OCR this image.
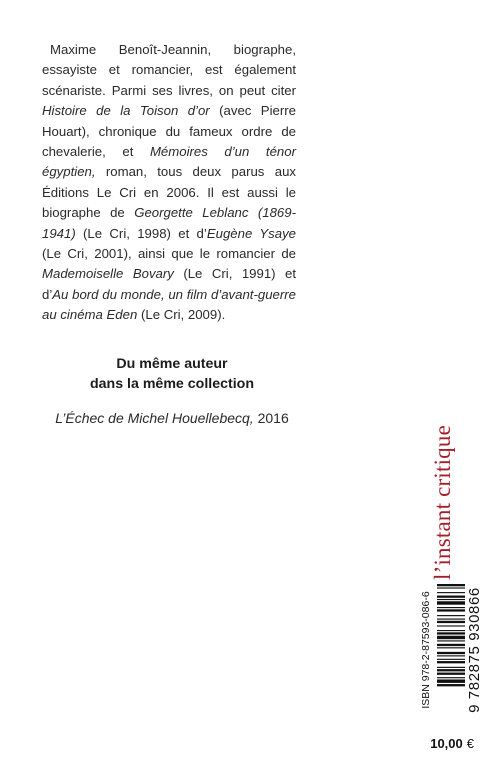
Maxime Benoît-Jeannin, biographe, essayiste et romancier, est également scénariste. Parmi ses livres, on peut citer Histoire de la Toison d’or (avec Pierre Houart), chronique du fameux ordre de chevalerie, et Mémoires d’un ténor égyptien, roman, tous deux parus aux Éditions Le Cri en 2006. Il est aussi le biographe de Georgette Leblanc (1869-1941) (Le Cri, 1998) et d’Eugène Ysaye (Le Cri, 2001), ainsi que le romancier de Mademoiselle Bovary (Le Cri, 1991) et d’Au bord du monde, un film d’avant-guerre au cinéma Eden (Le Cri, 2009).

Du même auteur
dans la même collection
L’Échec de Michel Houellebecq, 2016
l’instant critique
ISBN 978-2-87593-086-6 9 782875 930866
10,00 €
